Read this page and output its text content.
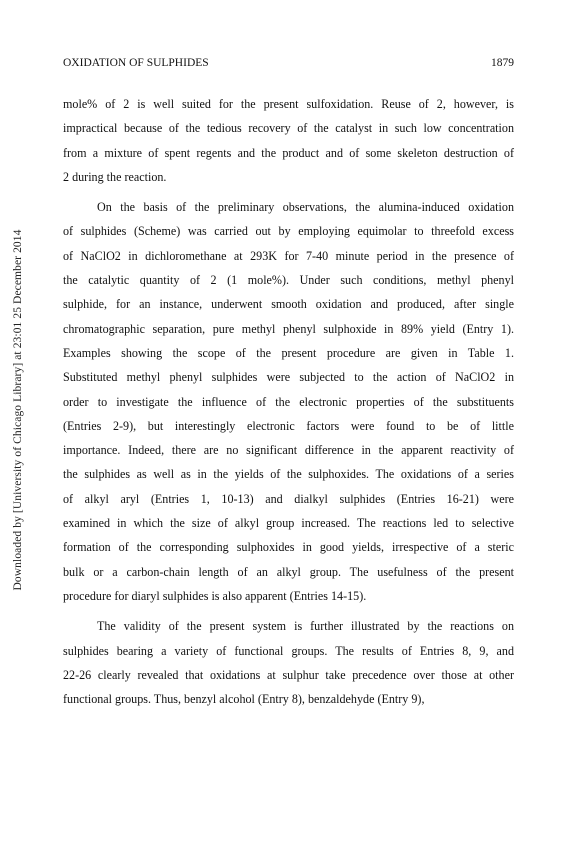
Downloaded by [University of Chicago Library] at 23:01 25 December 2014
OXIDATION OF SULPHIDES	1879
mole% of 2 is well suited for the present sulfoxidation. Reuse of 2, however, is
impractical because of the tedious recovery of the catalyst in such low concentration
from a mixture of spent regents and the product and of some skeleton destruction of
2 during the reaction.
On the basis of the preliminary observations, the alumina-induced oxidation
of sulphides (Scheme) was carried out by employing equimolar to threefold excess
of NaClO2 in dichloromethane at 293K for 7-40 minute period in the presence of
the catalytic quantity of 2 (1 mole%). Under such conditions, methyl phenyl
sulphide, for an instance, underwent smooth oxidation and produced, after single
chromatographic separation, pure methyl phenyl sulphoxide in 89% yield (Entry 1).
Examples showing the scope of the present procedure are given in Table 1.
Substituted methyl phenyl sulphides were subjected to the action of NaClO2 in
order to investigate the influence of the electronic properties of the substituents
(Entries 2-9), but interestingly electronic factors were found to be of little
importance. Indeed, there are no significant difference in the apparent reactivity of
the sulphides as well as in the yields of the sulphoxides. The oxidations of a series
of alkyl aryl (Entries 1, 10-13) and dialkyl sulphides (Entries 16-21) were
examined in which the size of alkyl group increased. The reactions led to selective
formation of the corresponding sulphoxides in good yields, irrespective of a steric
bulk or a carbon-chain length of an alkyl group. The usefulness of the present
procedure for diaryl sulphides is also apparent (Entries 14-15).
The validity of the present system is further illustrated by the reactions on
sulphides bearing a variety of functional groups. The results of Entries 8, 9, and
22-26 clearly revealed that oxidations at sulphur take precedence over those at other
functional groups. Thus, benzyl alcohol (Entry 8), benzaldehyde (Entry 9),
